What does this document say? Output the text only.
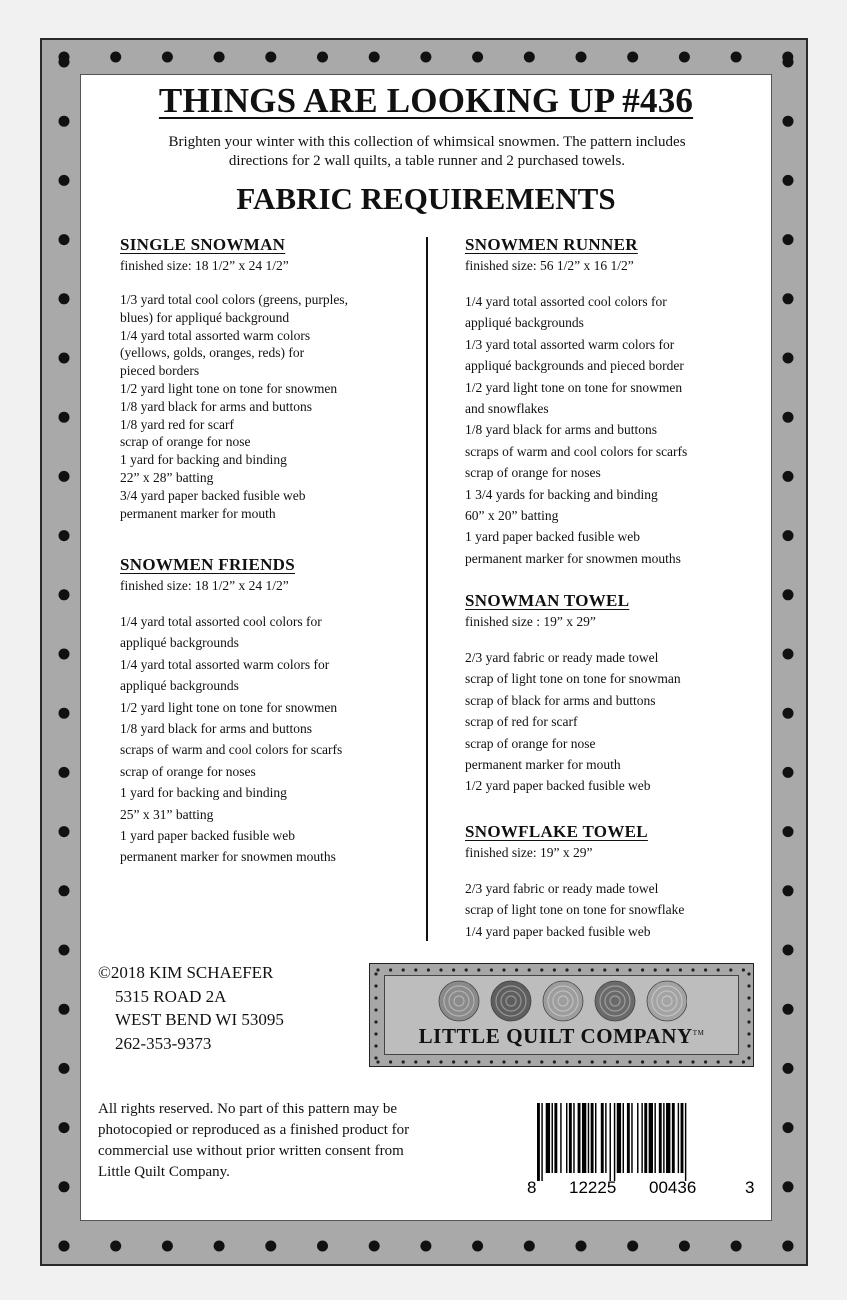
THINGS ARE LOOKING UP #436
Brighten your winter with this collection of whimsical snowmen. The pattern includes
directions for 2 wall quilts, a table runner and 2 purchased towels.
FABRIC REQUIREMENTS
SINGLE SNOWMAN
finished size: 18 1/2” x 24 1/2”
1/3 yard total cool colors (greens, purples,
blues) for appliqué background
1/4 yard total assorted warm colors
(yellows, golds, oranges, reds) for
pieced borders
1/2 yard light tone on tone for snowmen
1/8 yard black for arms and buttons
1/8 yard red for scarf
scrap of orange for nose
1 yard for backing and binding
22” x 28” batting
3/4 yard paper backed fusible web
permanent marker for mouth
SNOWMEN FRIENDS
finished size: 18 1/2” x 24 1/2”
1/4 yard total assorted cool colors for
appliqué backgrounds
1/4 yard total assorted warm colors for
appliqué backgrounds
1/2 yard light tone on tone for snowmen
1/8 yard black for arms and buttons
scraps of warm and cool colors for scarfs
scrap of orange for noses
1 yard for backing and binding
25” x 31” batting
1 yard paper backed fusible web
permanent marker for snowmen mouths
SNOWMEN RUNNER
finished size: 56 1/2” x 16 1/2”
1/4 yard total assorted cool colors for
appliqué backgrounds
1/3 yard total assorted warm colors for
appliqué backgrounds and pieced border
1/2 yard light tone on tone for snowmen
and snowflakes
1/8 yard black for arms and buttons
scraps of warm and cool colors for scarfs
scrap of orange for noses
1 3/4 yards for backing and binding
60” x 20” batting
1 yard paper backed fusible web
permanent marker for snowmen mouths
SNOWMAN TOWEL
finished size : 19” x 29”
2/3 yard fabric or ready made towel
scrap of light tone on tone for snowman
scrap of black for arms and buttons
scrap of red for scarf
scrap of orange for nose
permanent marker for mouth
1/2 yard paper backed fusible web
SNOWFLAKE TOWEL
finished size: 19” x 29”
2/3 yard fabric or ready made towel
scrap of light tone on tone for snowflake
1/4 yard paper backed fusible web
©2018 KIM SCHAEFER
5315 ROAD 2A
WEST BEND WI 53095
262-353-9373	LITTLE QUILT COMPANY™
All rights reserved. No part of this pattern may be
photocopied or reproduced as a finished product for
commercial use without prior written consent from
Little Quilt Company.
8 12225 00436	3
